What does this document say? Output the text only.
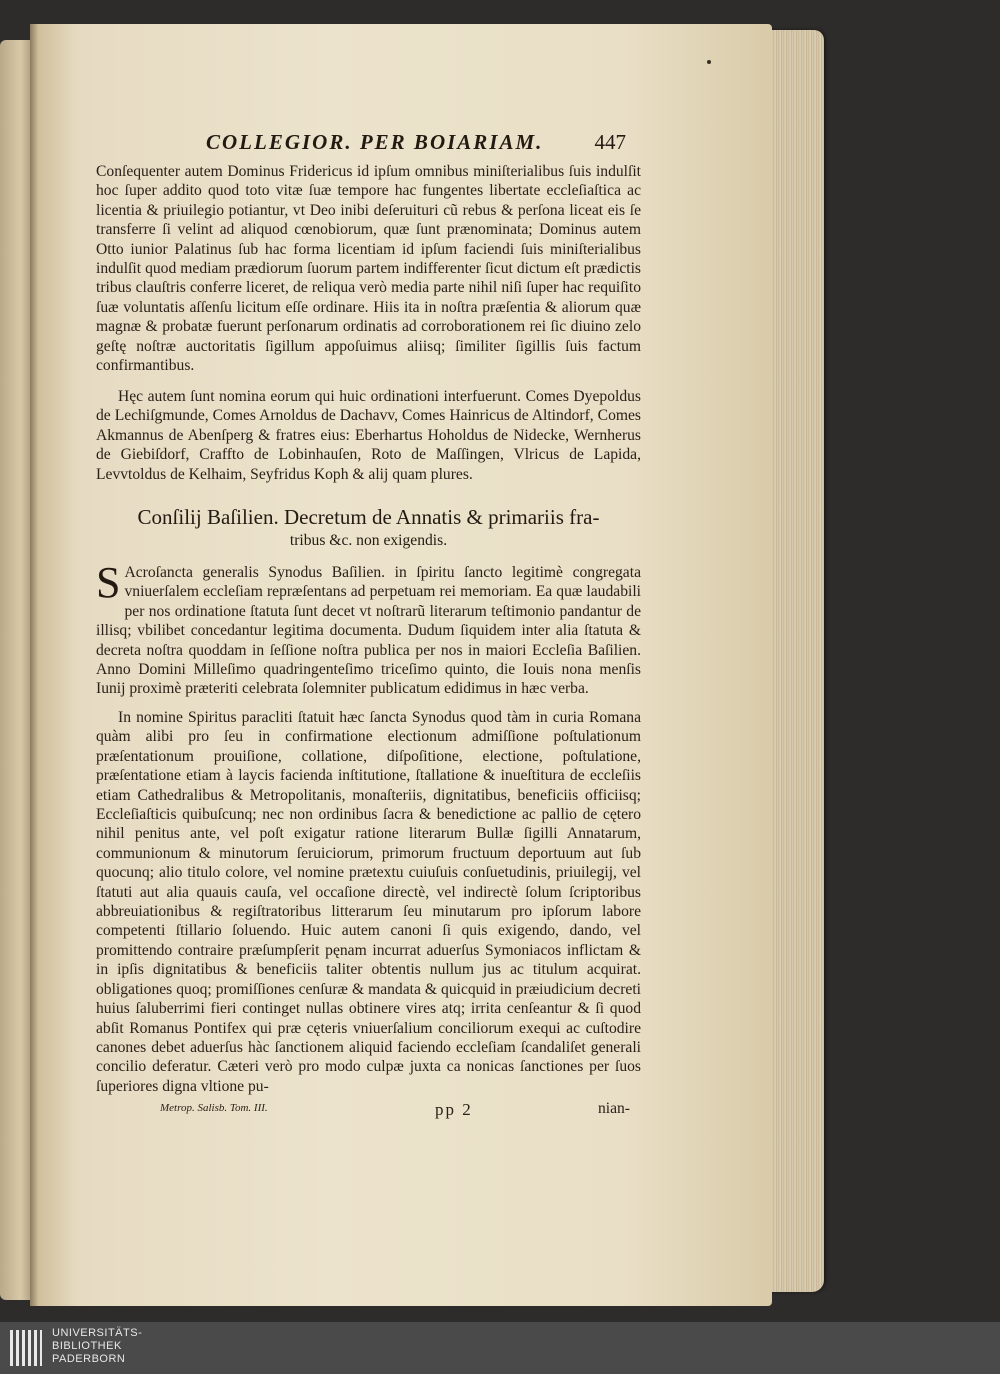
COLLEGIOR. PER BOIARIAM. 447

Conſequenter autem Dominus Fridericus id ipſum omnibus miniſterialibus ſuis indulſit hoc ſuper addito quod toto vitæ ſuæ tempore hac fungentes libertate eccleſiaſtica ac licentia & priuilegio potiantur, vt Deo inibi deſeruituri cũ rebus & perſona liceat eis ſe transferre ſi velint ad aliquod cœnobiorum, quæ ſunt prænominata; Dominus autem Otto iunior Palatinus ſub hac forma licentiam id ipſum faciendi ſuis miniſterialibus indulſit quod mediam prædiorum ſuorum partem indifferenter ſicut dictum eſt prædictis tribus clauſtris conferre liceret, de reliqua verò media parte nihil niſi ſuper hac requiſito ſuæ voluntatis aſſenſu licitum eſſe ordinare. Hiis ita in noſtra præſentia & aliorum quæ magnæ & probatæ fuerunt perſonarum ordinatis ad corroborationem rei ſic diuino zelo geſtę noſtræ auctoritatis ſigillum appoſuimus aliisq; ſimiliter ſigillis ſuis factum confirmantibus.

Hęc autem ſunt nomina eorum qui huic ordinationi interfuerunt. Comes Dyepoldus de Lechiſgmunde, Comes Arnoldus de Dachavv, Comes Hainricus de Altindorf, Comes Akmannus de Abenſperg & fratres eius: Eberhartus Hoholdus de Nidecke, Wernherus de Giebiſdorf, Craffto de Lobinhauſen, Roto de Maſſingen, Vlricus de Lapida, Levvtoldus de Kelhaim, Seyfridus Koph & alij quam plures.

Conſilij Baſilien. Decretum de Annatis & primariis fra-
tribus &c. non exigendis.
S Acroſancta generalis Synodus Baſilien. in ſpiritu ſancto legitimè congregata vniuerſalem eccleſiam repræſentans ad perpetuam rei memoriam. Ea quæ laudabili per nos ordinatione ſtatuta ſunt decet vt noſtrarũ literarum teſtimonio pandantur de illisq; vbilibet concedantur legitima documenta. Dudum ſiquidem inter alia ſtatuta & decreta noſtra quoddam in ſeſſione noſtra publica per nos in maiori Eccleſia Baſilien. Anno Domini Milleſimo quadringenteſimo triceſimo quinto, die Iouis nona menſis Iunij proximè præteriti celebrata ſolemniter publicatum edidimus in hæc verba.

In nomine Spiritus paracliti ſtatuit hæc ſancta Synodus quod tàm in curia Romana quàm alibi pro ſeu in confirmatione electionum admiſſione poſtulationum præſentationum prouiſione, collatione, diſpoſitione, electione, poſtulatione, præſentatione etiam à laycis facienda inſtitutione, ſtallatione & inueſtitura de eccleſiis etiam Cathedralibus & Metropolitanis, monaſteriis, dignitatibus, beneficiis officiisq; Eccleſiaſticis quibuſcunq; nec non ordinibus ſacra & benedictione ac pallio de cętero nihil penitus ante, vel poſt exigatur ratione literarum Bullæ ſigilli Annatarum, communionum & minutorum ſeruiciorum, primorum fructuum deportuum aut ſub quocunq; alio titulo colore, vel nomine prætextu cuiuſuis conſuetudinis, priuilegij, vel ſtatuti aut alia quauis cauſa, vel occaſione directè, vel indirectè ſolum ſcriptoribus abbreuiationibus & regiſtratoribus litterarum ſeu minutarum pro ipſorum labore competenti ſtillario ſoluendo. Huic autem canoni ſi quis exigendo, dando, vel promittendo contraire præſumpſerit pęnam incurrat aduerſus Symoniacos inflictam & in ipſis dignitatibus & beneficiis taliter obtentis nullum jus ac titulum acquirat. obligationes quoq; promiſſiones cenſuræ & mandata & quicquid in præiudicium decreti huius ſaluberrimi fieri continget nullas obtinere vires atq; irrita cenſeantur & ſi quod abſit Romanus Pontifex qui præ cęteris vniuerſalium conciliorum exequi ac cuſtodire canones debet aduerſus hàc ſanctionem aliquid faciendo eccleſiam ſcandaliſet generali concilio deferatur. Cæteri verò pro modo culpæ juxta ca nonicas ſanctiones per ſuos ſuperiores digna vltione pu-

Metrop. Salisb. Tom. III.	pp 2	nian-
UNIVERSITÄTS-
BIBLIOTHEK
PADERBORN
